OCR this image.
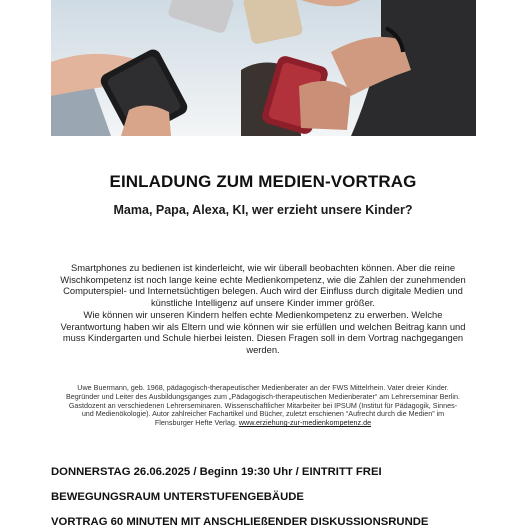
EINLADUNG ZUM MEDIEN-VORTRAG
Mama, Papa, Alexa, KI, wer erzieht unsere Kinder?
Smartphones zu bedienen ist kinderleicht, wie wir überall beobachten können. Aber die reine Wischkompetenz ist noch lange keine echte Medienkompetenz, wie die Zahlen der zunehmenden Computerspiel- und Internetsüchtigen belegen. Auch wird der Einfluss durch digitale Medien und künstliche Intelligenz auf unsere Kinder immer größer.
Wie können wir unseren Kindern helfen echte Medienkompetenz zu erwerben. Welche Verantwortung haben wir als Eltern und wie können wir sie erfüllen und welchen Beitrag kann und muss Kindergarten und Schule hierbei leisten. Diesen Fragen soll in dem Vortrag nachgegangen werden.
Uwe Buermann, geb. 1968, pädagogisch-therapeutischer Medienberater an der FWS Mittelrhein. Vater dreier Kinder. Begründer und Leiter des Ausbildungsganges zum „Pädagogisch-therapeutischen Medienberater“ am Lehrerseminar Berlin. Gastdozent an verschiedenen Lehrerseminaren. Wissenschaftlicher Mitarbeiter bei IPSUM (Institut für Pädagogik, Sinnes- und Medienökologie). Autor zahlreicher Fachartikel und Bücher, zuletzt erschienen “Aufrecht durch die Medien” im Flensburger Hefte Verlag. www.erziehung-zur-medienkompetenz.de
DONNERSTAG 26.06.2025 / Beginn 19:30 Uhr / EINTRITT FREI
BEWEGUNGSRAUM UNTERSTUFENGEBÄUDE
VORTRAG 60 MINUTEN MIT ANSCHLIEßENDER DISKUSSIONSRUNDE
